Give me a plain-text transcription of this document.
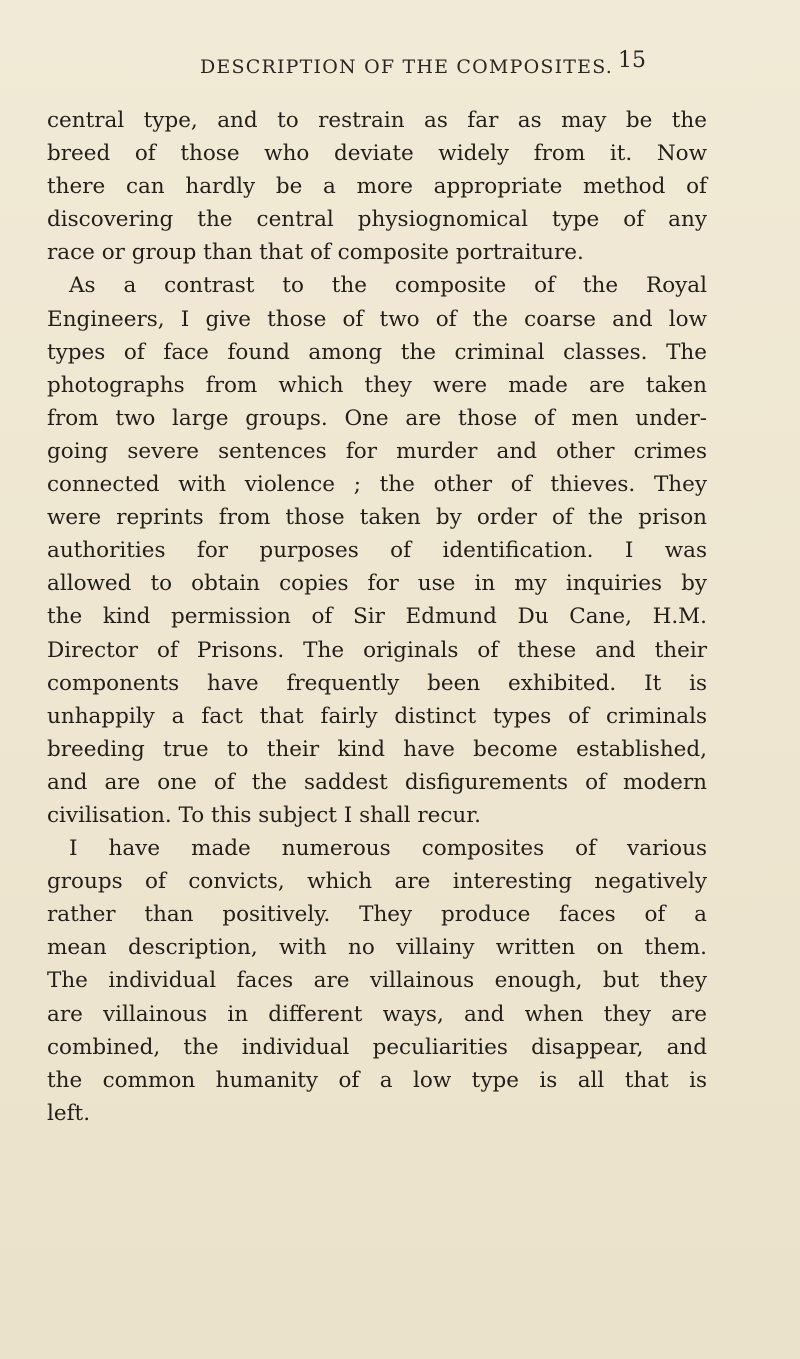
DESCRIPTION OF THE COMPOSITES. 15
central type, and to restrain as far as may be the
breed of those who deviate widely from it. Now
there can hardly be a more appropriate method of
discovering the central physiognomical type of any
race or group than that of composite portraiture.
As a contrast to the composite of the Royal
Engineers, I give those of two of the coarse and low
types of face found among the criminal classes. The
photographs from which they were made are taken
from two large groups. One are those of men under-
going severe sentences for murder and other crimes
connected with violence ; the other of thieves. They
were reprints from those taken by order of the prison
authorities for purposes of identification. I was
allowed to obtain copies for use in my inquiries by
the kind permission of Sir Edmund Du Cane, H.M.
Director of Prisons. The originals of these and their
components have frequently been exhibited. It is
unhappily a fact that fairly distinct types of criminals
breeding true to their kind have become established,
and are one of the saddest disfigurements of modern
civilisation. To this subject I shall recur.
I have made numerous composites of various
groups of convicts, which are interesting negatively
rather than positively. They produce faces of a
mean description, with no villainy written on them.
The individual faces are villainous enough, but they
are villainous in different ways, and when they are
combined, the individual peculiarities disappear, and
the common humanity of a low type is all that is
left.
